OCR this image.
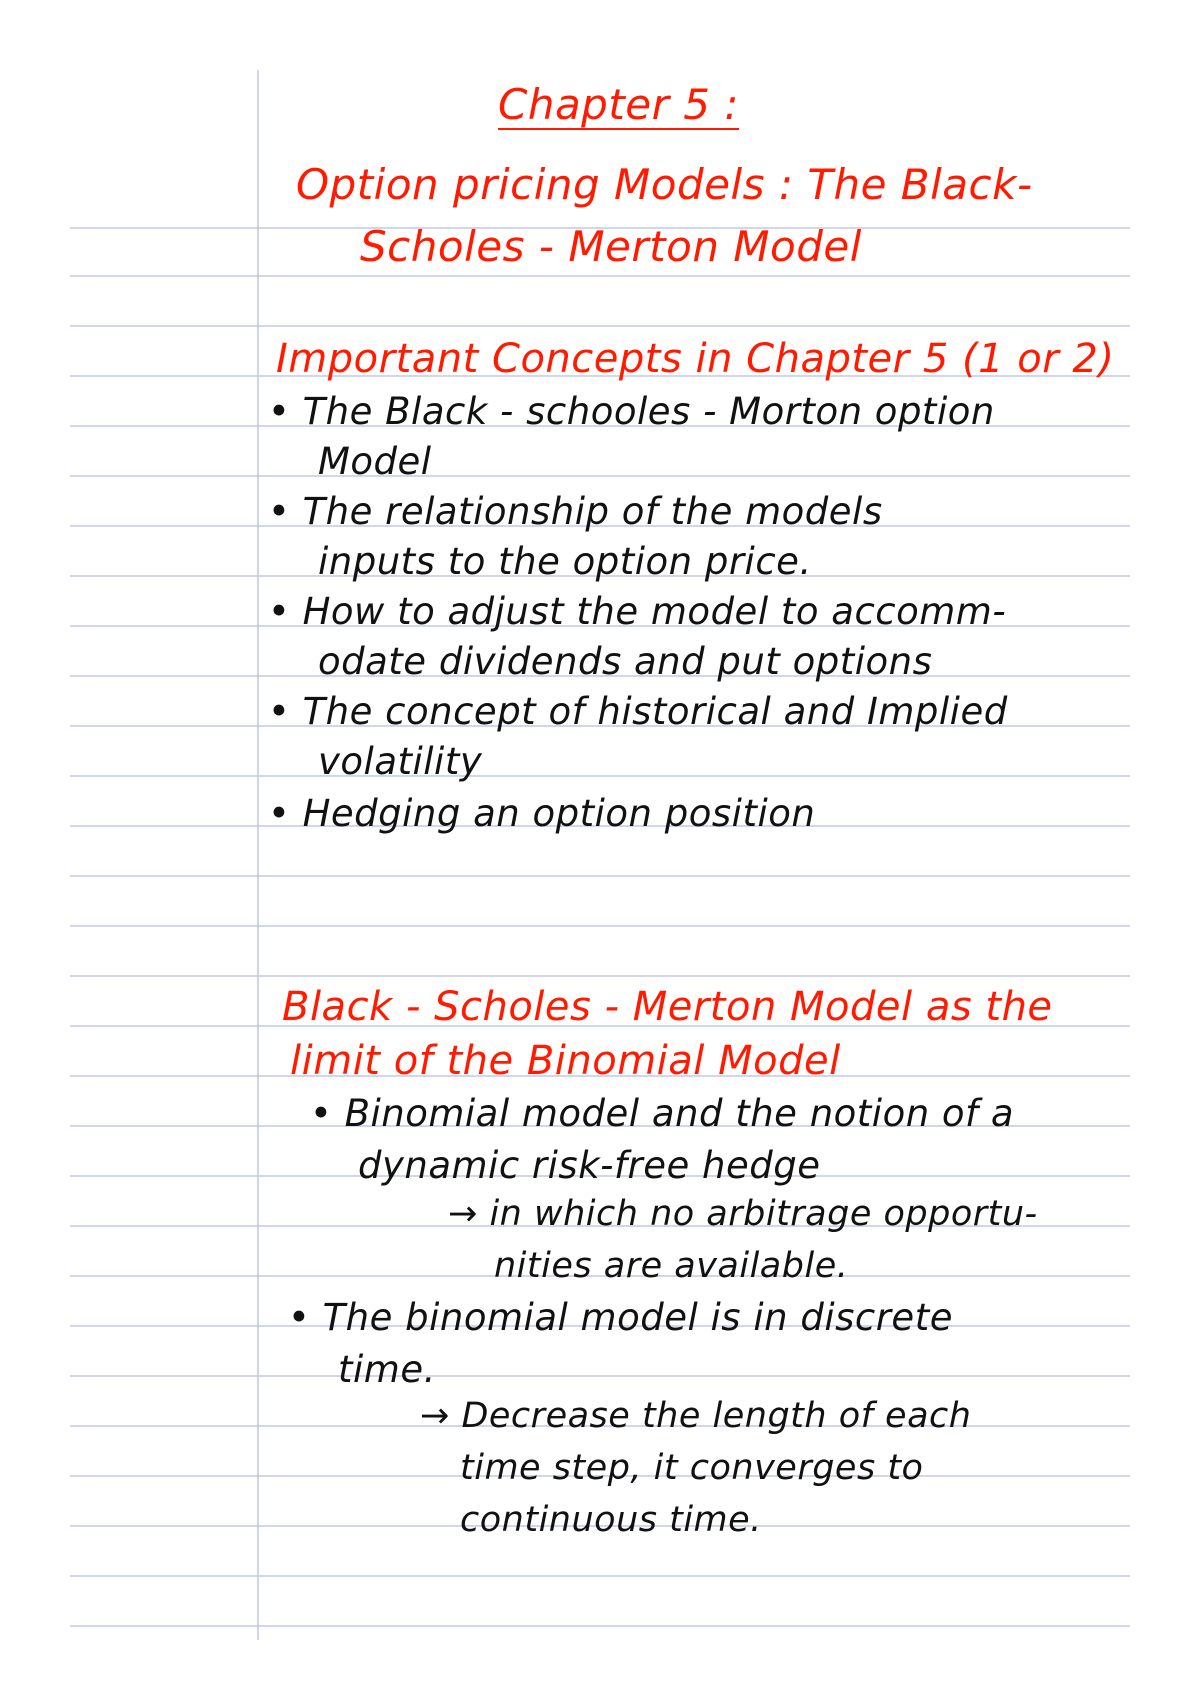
Chapter 5 :

Option pricing Models : The Black-

Scholes - Merton Model

Important Concepts in Chapter 5 (1 or 2)

• The Black - schooles - Morton option

Model

• The relationship of the models

inputs to the option price.

• How to adjust the model to accomm-

odate dividends and put options

• The concept of historical and Implied

volatility

• Hedging an option position

Black - Scholes - Merton Model as the

limit of the Binomial Model

• Binomial model and the notion of a

dynamic risk-free hedge

→ in which no arbitrage opportu-

nities are available.

• The binomial model is in discrete

time.

→ Decrease the length of each

time step, it converges to

continuous time.
